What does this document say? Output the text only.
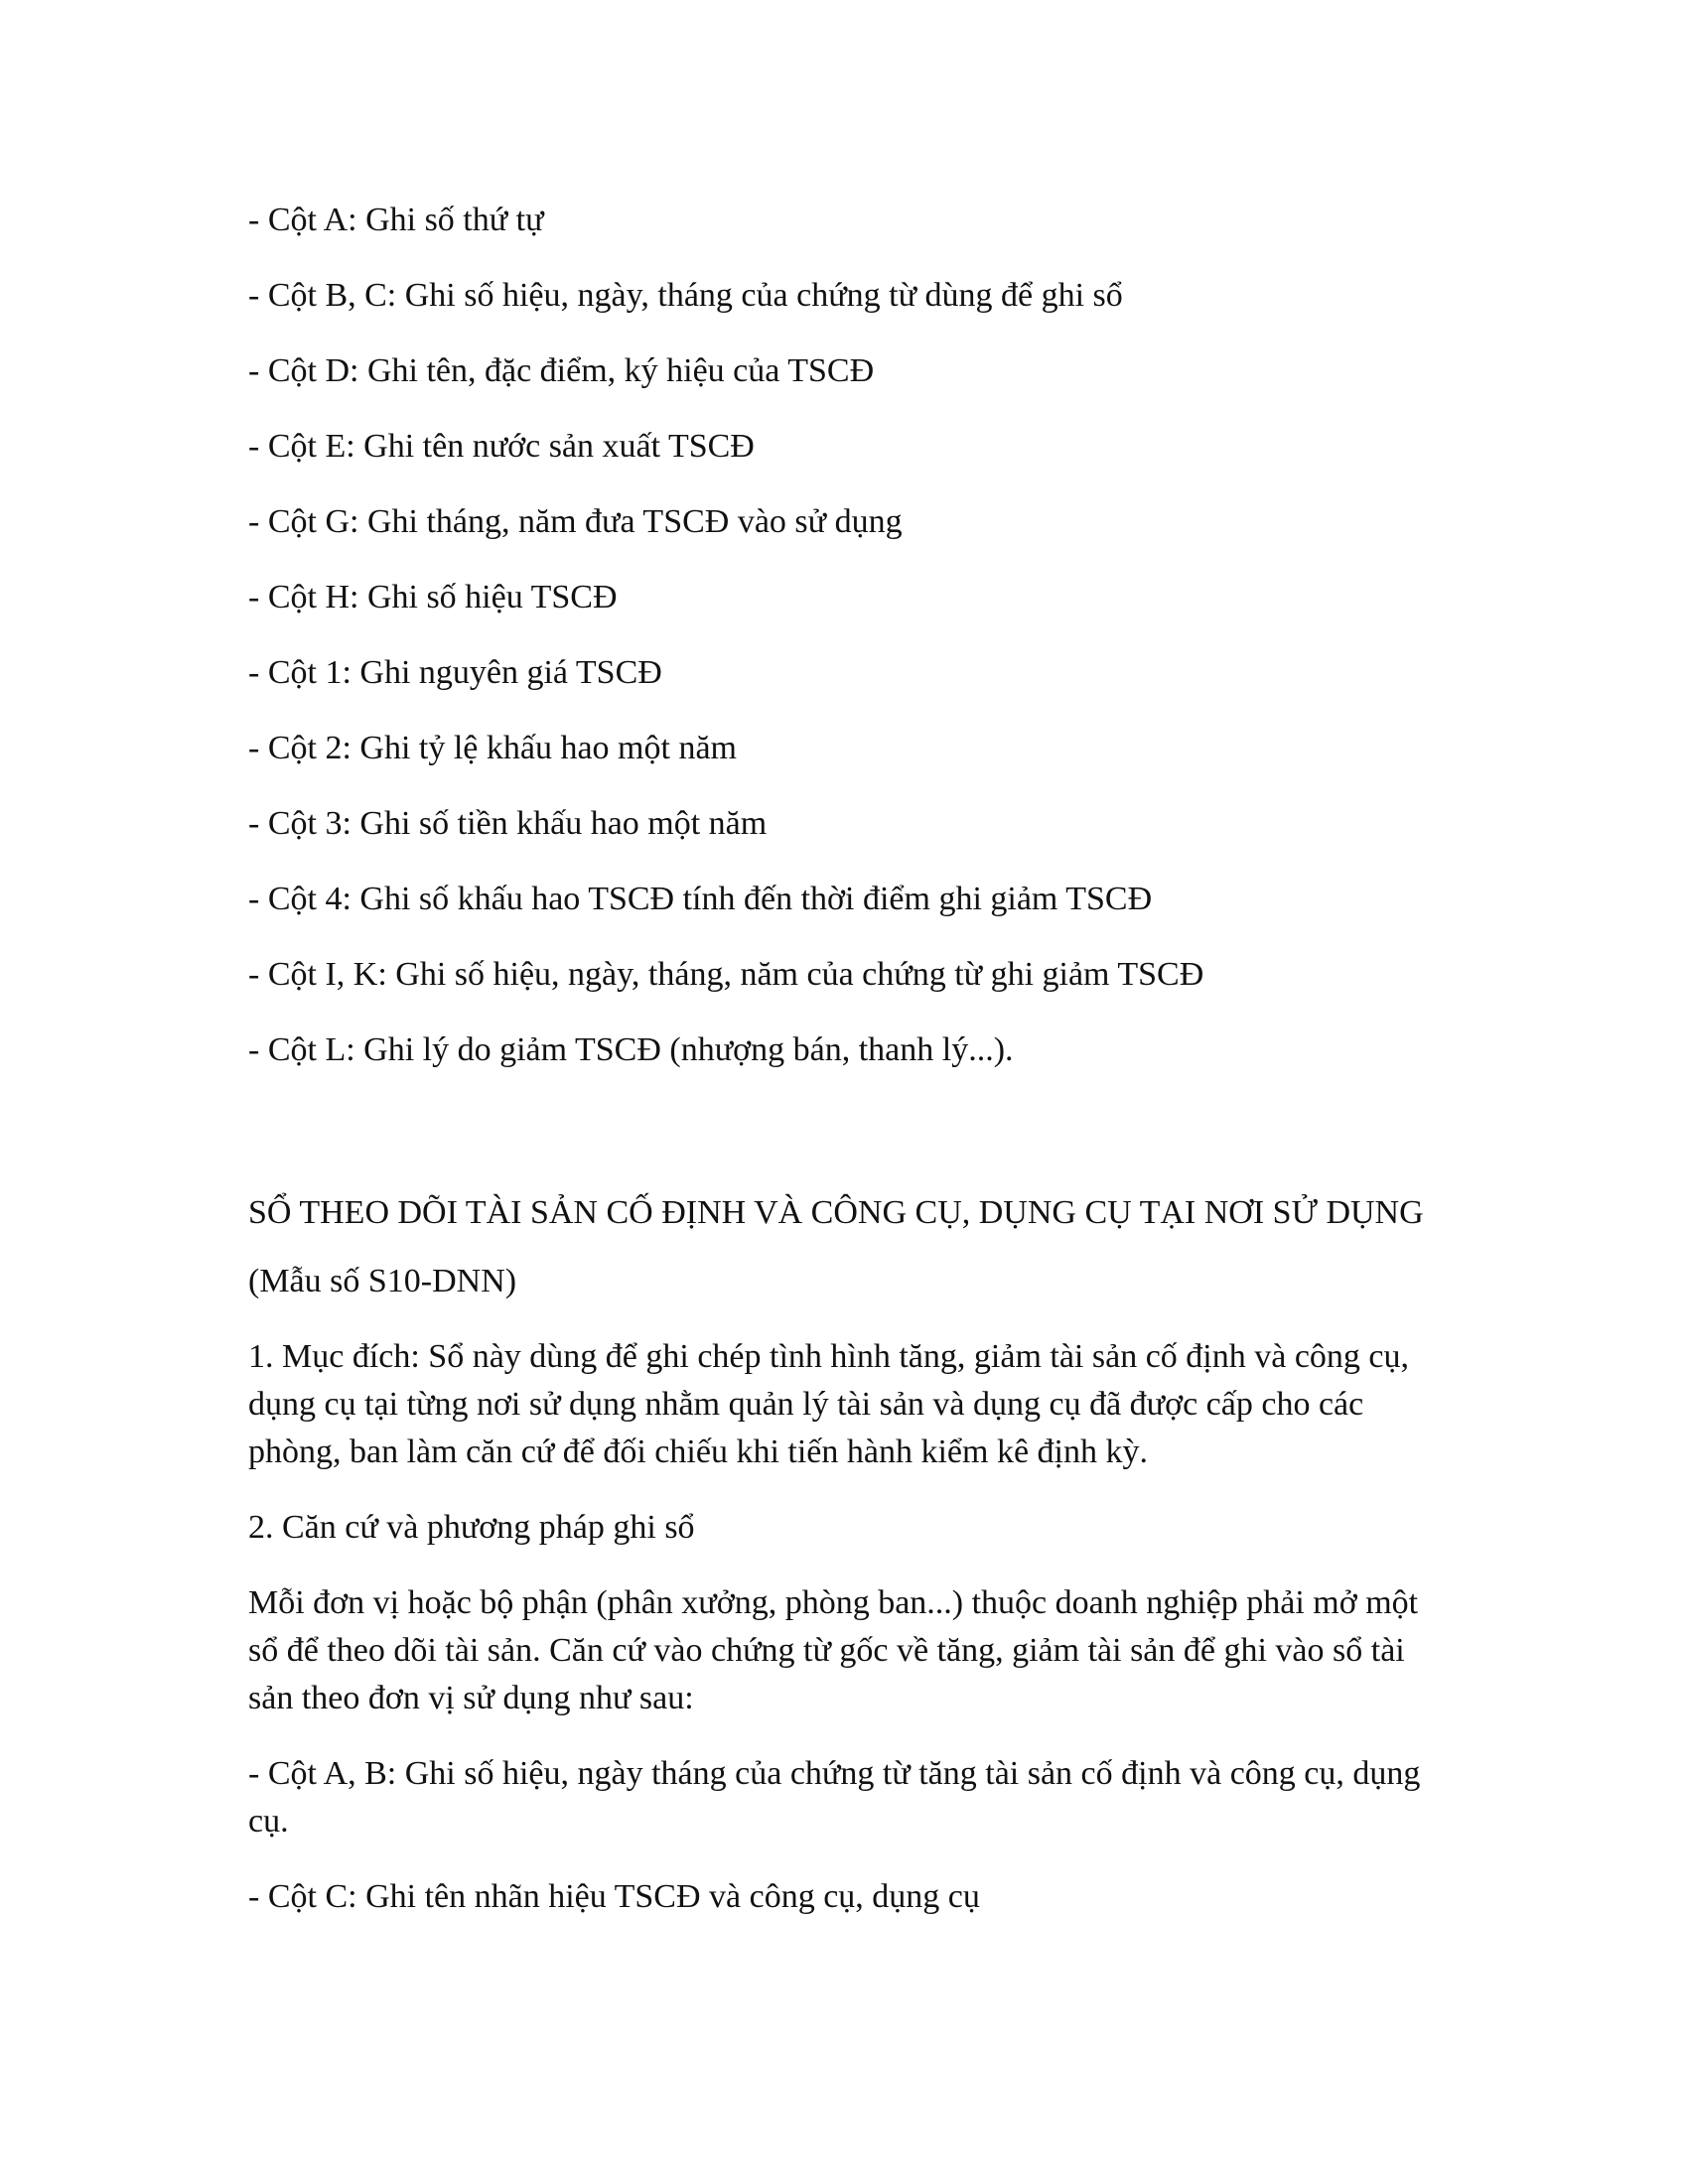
- Cột A: Ghi số thứ tự

- Cột B, C: Ghi số hiệu, ngày, tháng của chứng từ dùng để ghi sổ

- Cột D: Ghi tên, đặc điểm, ký hiệu của TSCĐ

- Cột E: Ghi tên nước sản xuất TSCĐ

- Cột G: Ghi tháng, năm đưa TSCĐ vào sử dụng

- Cột H: Ghi số hiệu TSCĐ

- Cột 1: Ghi nguyên giá TSCĐ

- Cột 2: Ghi tỷ lệ khấu hao một năm

- Cột 3: Ghi số tiền khấu hao một năm

- Cột 4: Ghi số khấu hao TSCĐ tính đến thời điểm ghi giảm TSCĐ

- Cột I, K: Ghi số hiệu, ngày, tháng, năm của chứng từ ghi giảm TSCĐ

- Cột L: Ghi lý do giảm TSCĐ (nhượng bán, thanh lý...).

SỔ THEO DÕI TÀI SẢN CỐ ĐỊNH VÀ CÔNG CỤ, DỤNG CỤ TẠI NƠI SỬ DỤNG

(Mẫu số S10-DNN)

1. Mục đích: Sổ này dùng để ghi chép tình hình tăng, giảm tài sản cố định và công cụ, dụng cụ tại từng nơi sử dụng nhằm quản lý tài sản và dụng cụ đã được cấp cho các phòng, ban làm căn cứ để đối chiếu khi tiến hành kiểm kê định kỳ.

2. Căn cứ và phương pháp ghi sổ

Mỗi đơn vị hoặc bộ phận (phân xưởng, phòng ban...) thuộc doanh nghiệp phải mở một sổ để theo dõi tài sản. Căn cứ vào chứng từ gốc về tăng, giảm tài sản để ghi vào sổ tài sản theo đơn vị sử dụng như sau:

- Cột A, B: Ghi số hiệu, ngày tháng của chứng từ tăng tài sản cố định và công cụ, dụng cụ.

- Cột C: Ghi tên nhãn hiệu TSCĐ và công cụ, dụng cụ
